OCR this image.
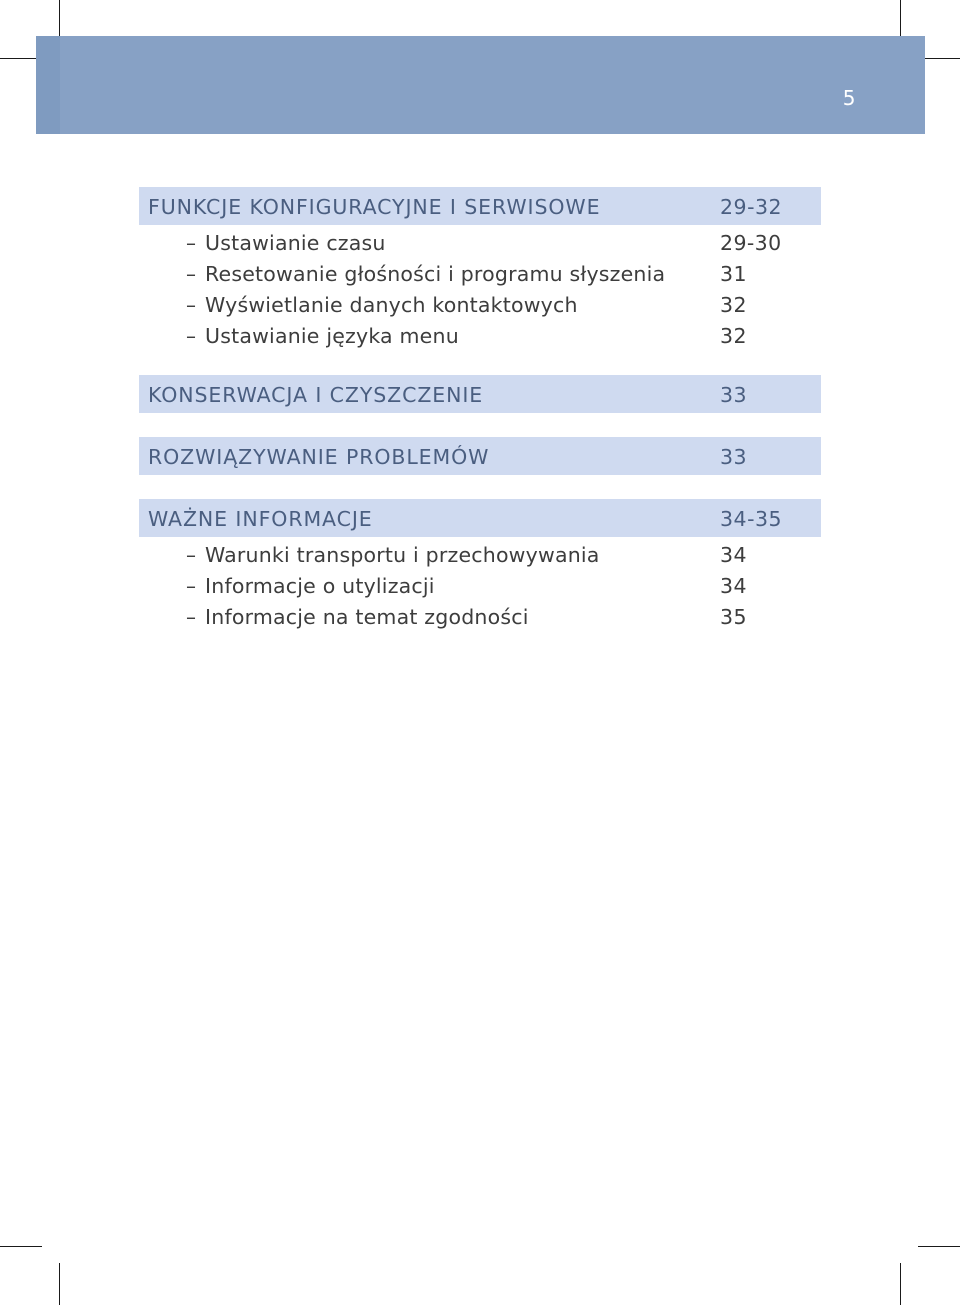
5
FUNKCJE KONFIGURACYJNE I SERWISOWE	29-32
– Ustawianie czasu	29-30
– Resetowanie głośności i programu słyszenia	31
– Wyświetlanie danych kontaktowych	32
– Ustawianie języka menu	32
KONSERWACJA I CZYSZCZENIE	33
ROZWIĄZYWANIE PROBLEMÓW	33
WAŻNE INFORMACJE	34-35
– Warunki transportu i przechowywania	34
– Informacje o utylizacji	34
– Informacje na temat zgodności	35
